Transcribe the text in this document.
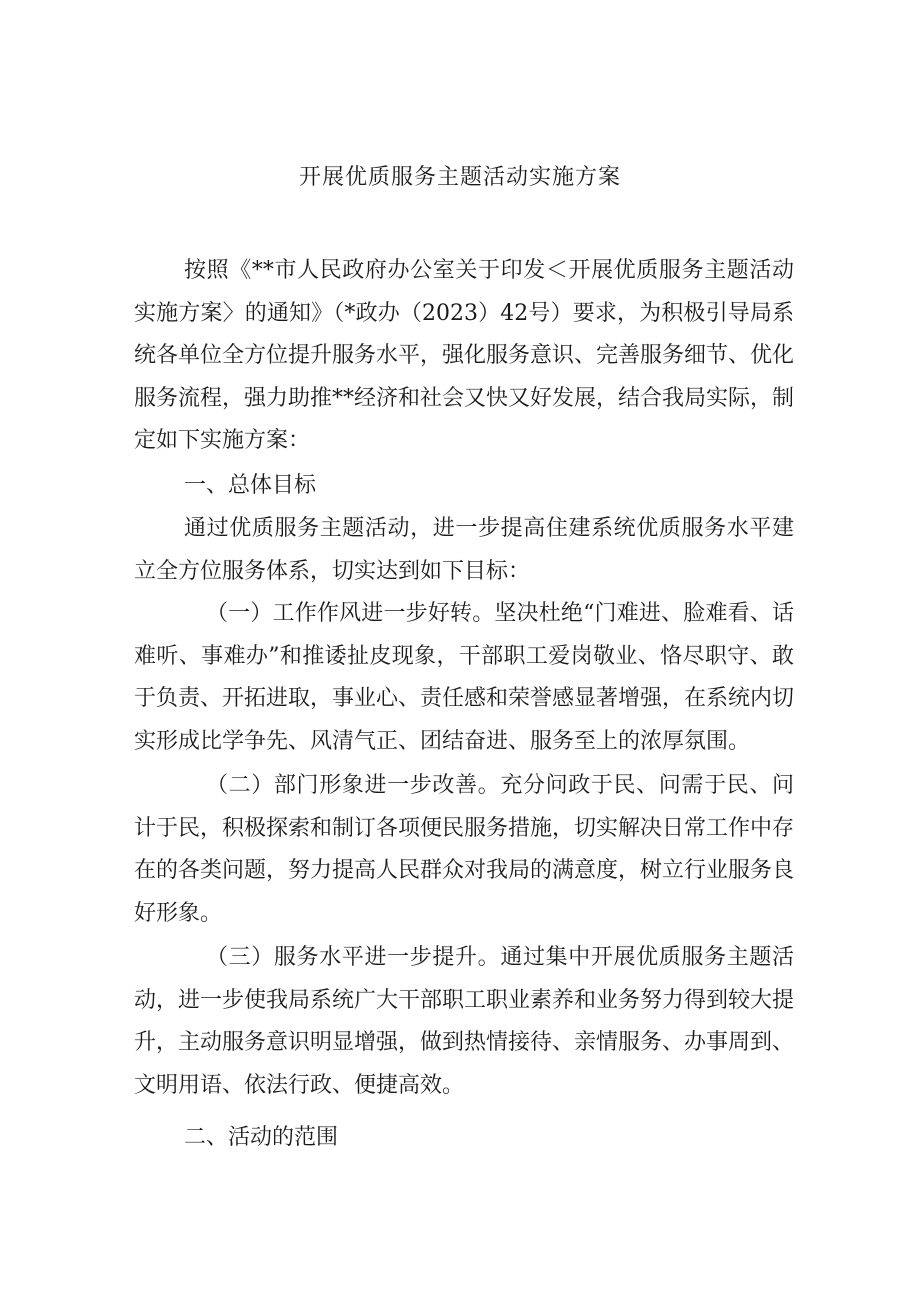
开展优质服务主题活动实施方案

按照《**市人民政府办公室关于印发＜开展优质服务主题活动实施方案〉的通知》（*政办（2023）42号）要求，为积极引导局系统各单位全方位提升服务水平，强化服务意识、完善服务细节、优化服务流程，强力助推**经济和社会又快又好发展，结合我局实际，制定如下实施方案：

一、总体目标

通过优质服务主题活动，进一步提高住建系统优质服务水平建立全方位服务体系，切实达到如下目标：

（一）工作作风进一步好转。坚决杜绝“门难进、脸难看、话难听、事难办”和推诿扯皮现象，干部职工爱岗敬业、恪尽职守、敢于负责、开拓进取，事业心、责任感和荣誉感显著增强，在系统内切实形成比学争先、风清气正、团结奋进、服务至上的浓厚氛围。

（二）部门形象进一步改善。充分问政于民、问需于民、问计于民，积极探索和制订各项便民服务措施，切实解决日常工作中存在的各类问题，努力提高人民群众对我局的满意度，树立行业服务良好形象。

（三）服务水平进一步提升。通过集中开展优质服务主题活动，进一步使我局系统广大干部职工职业素养和业务努力得到较大提升，主动服务意识明显增强，做到热情接待、亲情服务、办事周到、文明用语、依法行政、便捷高效。

二、活动的范围
